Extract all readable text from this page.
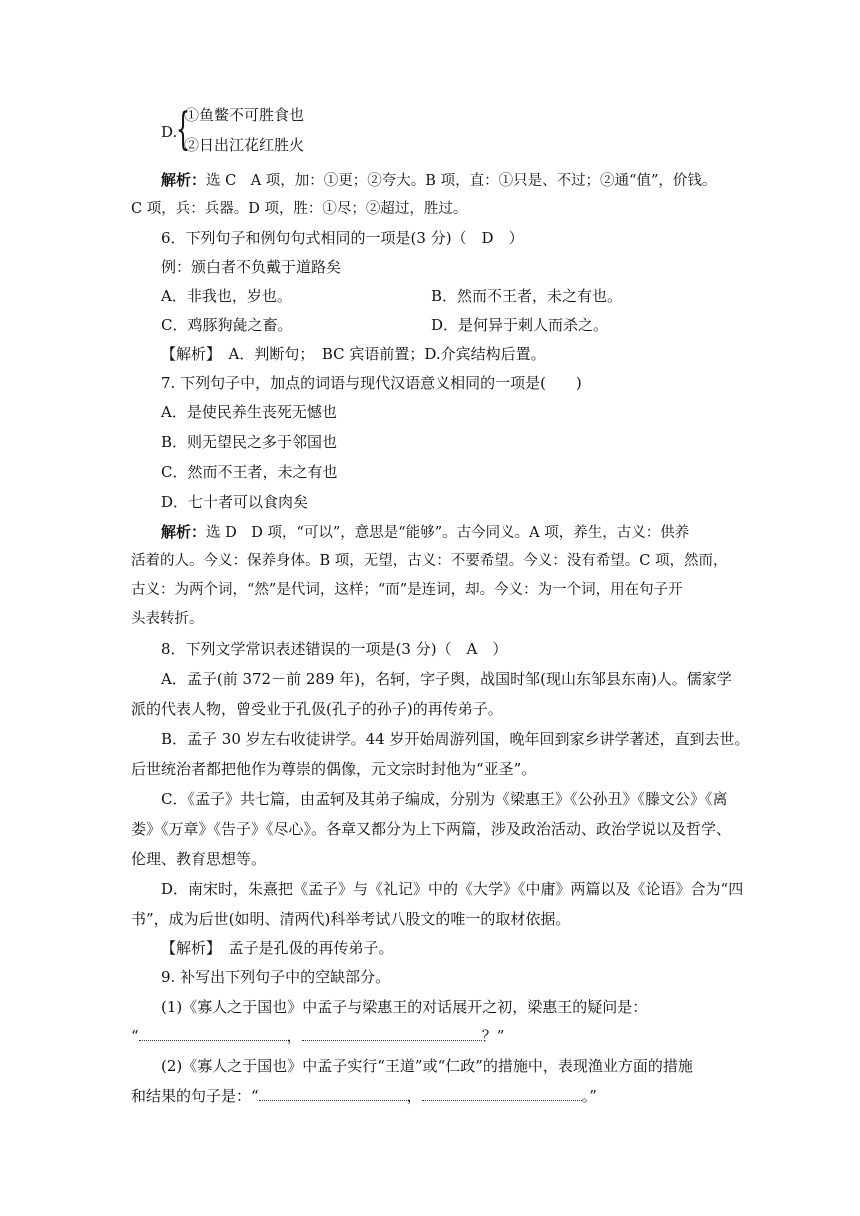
D.
{
①鱼鳖不可胜食也
②日出江花红胜火
解析：选 C　A 项，加：①更；②夸大。B 项，直：①只是、不过；②通“值”，价钱。
C 项，兵：兵器。D 项，胜：①尽；②超过，胜过。
6．下列句子和例句句式相同的一项是(3 分)（　D　）
例：颁白者不负戴于道路矣
A．非我也，岁也。	B．然而不王者，未之有也。
C．鸡豚狗彘之畜。	D．是何异于刺人而杀之。
【解析】　A．判断句；　BC 宾语前置；D.介宾结构后置。
7. 下列句子中，加点的词语与现代汉语意义相同的一项是(　　)
A．是使民养生丧死无憾也
B．则无望民之多于邻国也
C．然而不王者，未之有也
D．七十者可以食肉矣
解析：选 D　D 项，“可以”，意思是“能够”。古今同义。A 项，养生，古义：供养
活着的人。今义：保养身体。B 项，无望，古义：不要希望。今义：没有希望。C 项，然而，
古义：为两个词，“然”是代词，这样；“而”是连词，却。今义：为一个词，用在句子开
头表转折。
8．下列文学常识表述错误的一项是(3 分)（　A　）
A．孟子(前 372－前 289 年)，名轲，字子舆，战国时邹(现山东邹县东南)人。儒家学
派的代表人物，曾受业于孔伋(孔子的孙子)的再传弟子。
B．孟子 30 岁左右收徒讲学。44 岁开始周游列国，晚年回到家乡讲学著述，直到去世。
后世统治者都把他作为尊崇的偶像，元文宗时封他为“亚圣”。
C．《孟子》共七篇，由孟轲及其弟子编成，分别为《梁惠王》《公孙丑》《滕文公》《离
娄》《万章》《告子》《尽心》。各章又都分为上下两篇，涉及政治活动、政治学说以及哲学、
伦理、教育思想等。
D．南宋时，朱熹把《孟子》与《礼记》中的《大学》《中庸》两篇以及《论语》合为“四
书”，成为后世(如明、清两代)科举考试八股文的唯一的取材依据。
【解析】　孟子是孔伋的再传弟子。
9. 补写出下列句子中的空缺部分。
(1)《寡人之于国也》中孟子与梁惠王的对话展开之初，梁惠王的疑问是：
“	，	？”
(2)《寡人之于国也》中孟子实行“王道”或“仁政”的措施中，表现渔业方面的措施
和结果的句子是：“	，	。”
